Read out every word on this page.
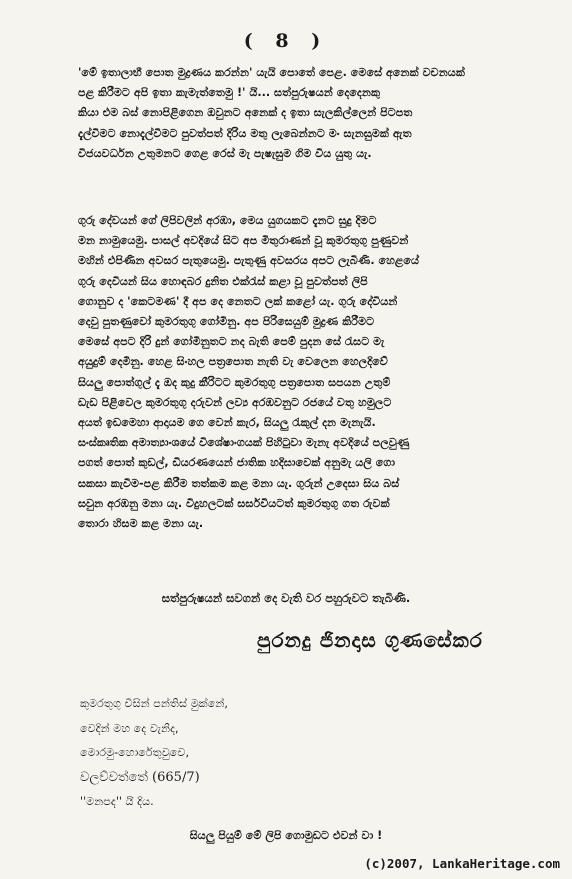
( 8 )
'මේ ඉතාලාභී පොත මුද්‍රණය කරන්න' යැයි පොතේ පෙළ. මෙසේ අනෙක් වචනයක්
පළ කිරීමට අපි ඉතා කැමැත්තෙමු !' යි... සත්පුරුෂයන් දෙදෙනකු
කියා එම බස් නොපිළිගෙන ඔවුනට අනෙක් ද ඉතා සැලකිල්ලෙන් පිටපත
දැල්වීමට නොදැල්වීමට පුවත්පත් දිරිය මතු ලැබෙන්නට මං සැනසුමක් ඇත
විජයවර්ධන උතුමනට ගෙළ රෙස් මැ පැෂැසුම ගිම විය යුතු යැ.
ගුරු දේවයන් ගේ ලිපිවලින් අරඹා, මෙය යුගයකට දැනට සුදු දිමට
මන නාමුයෙමු. පාසල් අවදියේ සිට අප මිතුරාණන් වූ කුමරතුගු පුණුවන්
මහින් එපිණින අවසර පැතුයෙමු. පැතුණු අවසරය අපට ලැබිණි. හෙළයේ
ගුරු දෙවියන් සිය හොඳබර දුනිත එක්රැස් කළා වූ පුවත්පත් ලිපි
ගොනුව ද 'කෙටමණ' දී අප දෙ නෙතට ලක් කළෝ යැ. ගුරු දේවියන්
දෙවු පුතණුවෝ කුමරතුගු ගෝමිනු. අප පිරිසෙයුම් මුද්‍රණ කිරීමට
මෙසේ අපට දිරි දුන් ගෝමිනුතට නද බැති පෙම් පුදන සේ රැසට මැ
අයුදුම් දෙමිනු. හෙළ සිංහල පත්‍රපොත නැති වැ වෙලෙන හෙලදිවේ
සියලු පොත්ගුල් දැ ඔද කුදු කීරිටට කුමරතුගු පත්‍රපොත සපයන උතුම්
ඩැඩ පිළිවෙල කුමරතුගු දරුවන් ලව්‍ය අරඹවනුට රජයේ වතු හමුලට
අයත් ඉඩමෙහා ආදායම ගෙ වෙන් කැර, සියලු රැකුල් දන මැනැයි.
සංස්කෘතික අමාත්‍යාංශයේ විශේෂාංගයක් පිහිටුවා මැනැ අවදියේ පලවුණු
පගත් පොත් කුඩල්, ඩියරණයෙන් ජාතික හදිඝාවෙක් අනුමැ යලි ගො
සකසා කැවීම-පළ කිරීම තත්කම කළ මනා යැ. ගුරුන් උදෙසා සිය බස්
සවුන අරඹනු මනා යැ. විදුහලටක් සර්සවියටත් කුමරතුගු ගත රුවක්
තොරා හිසම කළ මනා යැ.
සත්පුරුෂයන් සවගන් දෙ වැති වර පහුරුවට තැබිණි.
පුරනදු ජිනදාස ගුණසේකර
කුමරතුගු විසින් පන්තිස් මුක්නේ,
වෙදින් මහ දෙ වැනිද,
මොරමු-හොරේතුවුවෙ,
වලව්වත්තේ (665/7)
''මනපද'' යි දිය.
සියලු පියුම් මේ ලිපි ගොමුඩට එවන් වා !
(c)2007, LankaHeritage.com
